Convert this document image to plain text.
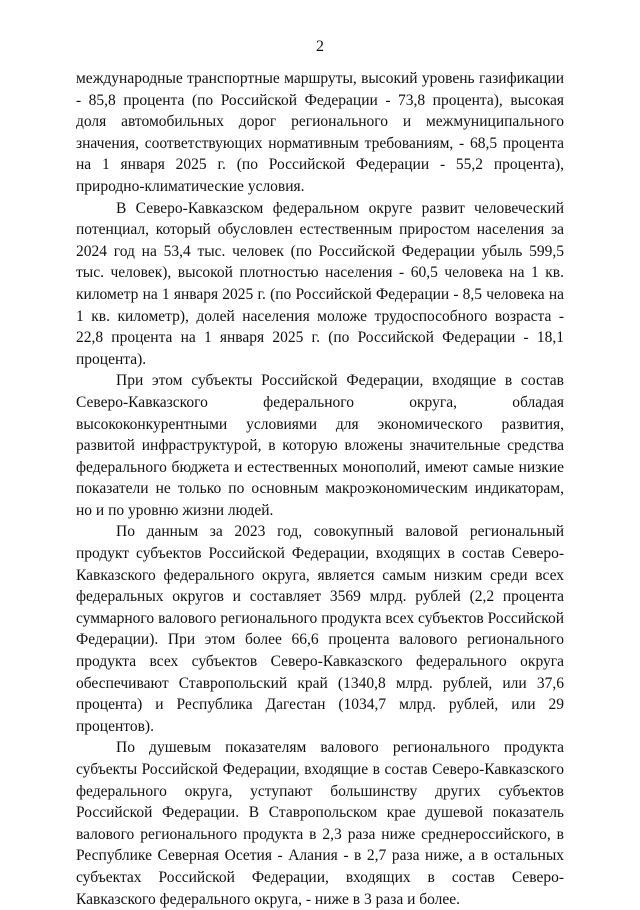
2

международные транспортные маршруты, высокий уровень газификации - 85,8 процента (по Российской Федерации - 73,8 процента), высокая доля автомобильных дорог регионального и межмуниципального значения, соответствующих нормативным требованиям, - 68,5 процента на 1 января 2025 г. (по Российской Федерации - 55,2 процента), природно-климатические условия.

В Северо-Кавказском федеральном округе развит человеческий потенциал, который обусловлен естественным приростом населения за 2024 год на 53,4 тыс. человек (по Российской Федерации убыль 599,5 тыс. человек), высокой плотностью населения - 60,5 человека на 1 кв. километр на 1 января 2025 г. (по Российской Федерации - 8,5 человека на 1 кв. километр), долей населения моложе трудоспособного возраста - 22,8 процента на 1 января 2025 г. (по Российской Федерации - 18,1 процента).

При этом субъекты Российской Федерации, входящие в состав Северо-Кавказского федерального округа, обладая высококонкурентными условиями для экономического развития, развитой инфраструктурой, в которую вложены значительные средства федерального бюджета и естественных монополий, имеют самые низкие показатели не только по основным макроэкономическим индикаторам, но и по уровню жизни людей.

По данным за 2023 год, совокупный валовой региональный продукт субъектов Российской Федерации, входящих в состав Северо-Кавказского федерального округа, является самым низким среди всех федеральных округов и составляет 3569 млрд. рублей (2,2 процента суммарного валового регионального продукта всех субъектов Российской Федерации). При этом более 66,6 процента валового регионального продукта всех субъектов Северо-Кавказского федерального округа обеспечивают Ставропольский край (1340,8 млрд. рублей, или 37,6 процента) и Республика Дагестан (1034,7 млрд. рублей, или 29 процентов).

По душевым показателям валового регионального продукта субъекты Российской Федерации, входящие в состав Северо-Кавказского федерального округа, уступают большинству других субъектов Российской Федерации. В Ставропольском крае душевой показатель валового регионального продукта в 2,3 раза ниже среднероссийского, в Республике Северная Осетия - Алания - в 2,7 раза ниже, а в остальных субъектах Российской Федерации, входящих в состав Северо-Кавказского федерального округа, - ниже в 3 раза и более.
